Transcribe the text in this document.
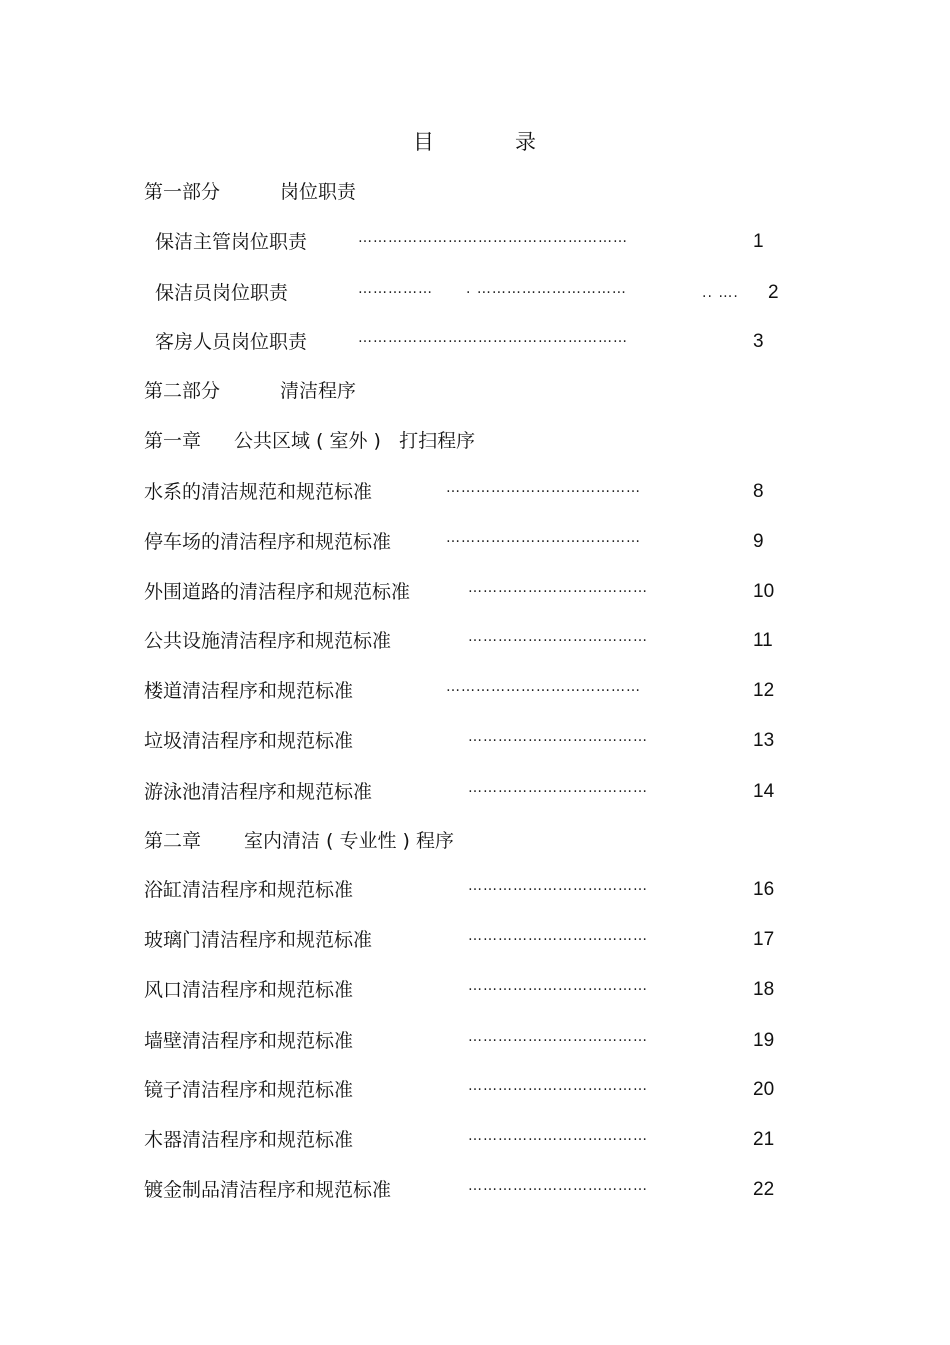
目	录
第一部分	岗位职责
保洁主管岗位职责	………………………………………………	1
保洁员岗位职责	……………	. …………………………	.. ….	2
客房人员岗位职责	………………………………………………	3
第二部分	清洁程序
第一章 公共区域 ( 室外 )   打扫程序
水系的清洁规范和规范标准	…………………………………	8
停车场的清洁程序和规范标准	…………………………………	9
外围道路的清洁程序和规范标准	………………………………	10
公共设施清洁程序和规范标准	………………………………	11
楼道清洁程序和规范标准	…………………………………	12
垃圾清洁程序和规范标准	………………………………	13
游泳池清洁程序和规范标准	………………………………	14
第二章 室内清洁 ( 专业性 ) 程序
浴缸清洁程序和规范标准	………………………………	16
玻璃门清洁程序和规范标准	………………………………	17
风口清洁程序和规范标准	………………………………	18
墙壁清洁程序和规范标准	………………………………	19
镜子清洁程序和规范标准	………………………………	20
木器清洁程序和规范标准	………………………………	21
镀金制品清洁程序和规范标准	………………………………	22
